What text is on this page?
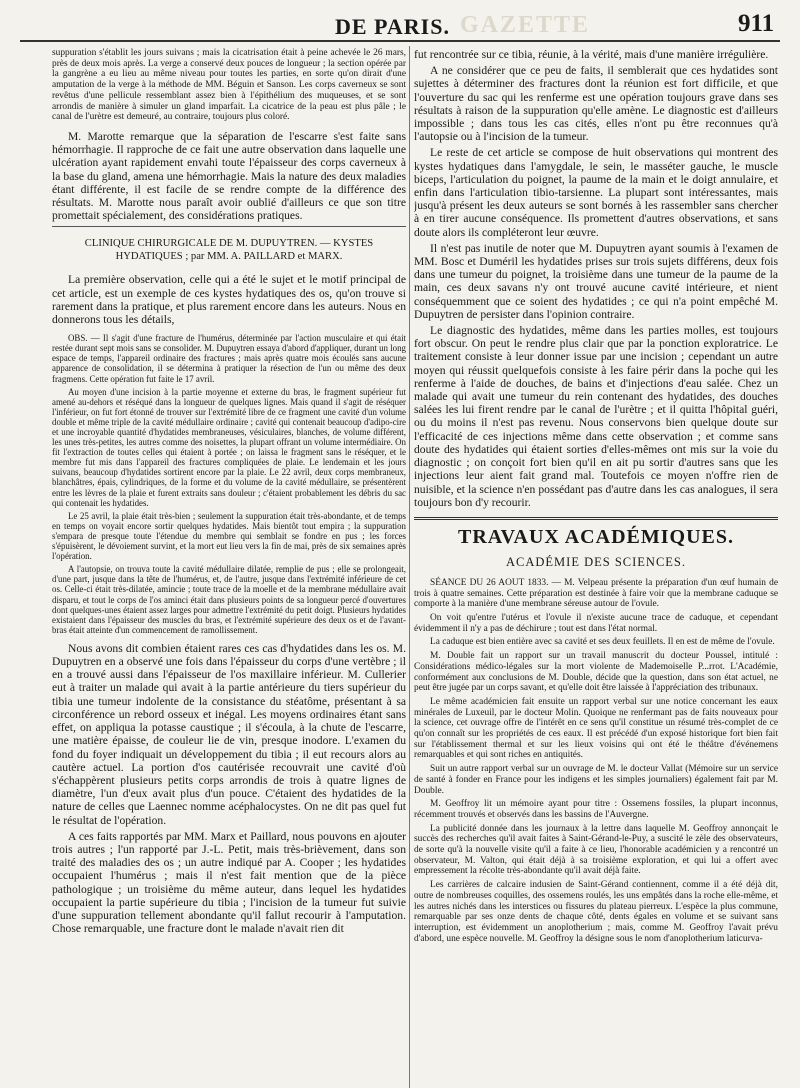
GAZETTE
DE PARIS.	911

suppuration s'établit les jours suivans ; mais la cicatrisation était à peine achevée le 26 mars, près de deux mois après. La verge a conservé deux pouces de longueur ; la section opérée par la gangrène a eu lieu au même niveau pour toutes les parties, en sorte qu'on dirait d'une amputation de la verge à la méthode de MM. Béguin et Sanson. Les corps caverneux se sont revêtus d'une pellicule ressemblant assez bien à l'épithélium des muqueuses, et se sont arrondis de manière à simuler un gland imparfait. La cicatrice de la peau est plus pâle ; le canal de l'urètre est demeuré, au contraire, toujours plus coloré.

M. Marotte remarque que la séparation de l'escarre s'est faite sans hémorrhagie. Il rapproche de ce fait une autre observation dans laquelle une ulcération ayant rapidement envahi toute l'épaisseur des corps caverneux à la base du gland, amena une hémorrhagie. Mais la nature des deux maladies étant différente, il est facile de se rendre compte de la différence des résultats. M. Marotte nous paraît avoir oublié d'ailleurs ce que son titre promettait spécialement, des considérations pratiques.

CLINIQUE CHIRURGICALE DE M. DUPUYTREN. — KYSTES HYDATIQUES ; par MM. A. PAILLARD et MARX.

La première observation, celle qui a été le sujet et le motif principal de cet article, est un exemple de ces kystes hydatiques des os, qu'on trouve si rarement dans la pratique, et plus rarement encore dans les auteurs. Nous en donnerons tous les détails,

OBS. — Il s'agit d'une fracture de l'humérus, déterminée par l'action musculaire et qui était restée durant sept mois sans se consolider. M. Dupuytren essaya d'abord d'appliquer, durant un long espace de temps, l'appareil ordinaire des fractures ; mais après quatre mois écoulés sans aucune apparence de consolidation, il se détermina à pratiquer la résection de l'un ou même des deux fragmens. Cette opération fut faite le 17 avril.

Au moyen d'une incision à la partie moyenne et externe du bras, le fragment supérieur fut amené au-dehors et réséqué dans la longueur de quelques lignes. Mais quand il s'agit de réséquer l'inférieur, on fut fort étonné de trouver sur l'extrémité libre de ce fragment une cavité d'un volume double et même triple de la cavité médullaire ordinaire ; cavité qui contenait beaucoup d'adipo-cire et une incroyable quantité d'hydatides membraneuses, vésiculaires, blanches, de volume différent, les unes très-petites, les autres comme des noisettes, la plupart offrant un volume intermédiaire. On fit l'extraction de toutes celles qui étaient à portée ; on laissa le fragment sans le réséquer, et le membre fut mis dans l'appareil des fractures compliquées de plaie. Le lendemain et les jours suivans, beaucoup d'hydatides sortirent encore par la plaie. Le 22 avril, deux corps membraneux, blanchâtres, épais, cylindriques, de la forme et du volume de la cavité médullaire, se présentèrent entre les lèvres de la plaie et furent extraits sans douleur ; c'étaient probablement les débris du sac qui contenait les hydatides.

Le 25 avril, la plaie était très-bien ; seulement la suppuration était très-abondante, et de temps en temps on voyait encore sortir quelques hydatides. Mais bientôt tout empira ; la suppuration s'empara de presque toute l'étendue du membre qui semblait se fondre en pus ; les forces s'épuisèrent, le dévoiement survint, et la mort eut lieu vers la fin de mai, près de six semaines après l'opération.

A l'autopsie, on trouva toute la cavité médullaire dilatée, remplie de pus ; elle se prolongeait, d'une part, jusque dans la tête de l'humérus, et, de l'autre, jusque dans l'extrémité inférieure de cet os. Celle-ci était très-dilatée, amincie ; toute trace de la moelle et de la membrane médullaire avait disparu, et tout le corps de l'os aminci était dans plusieurs points de sa longueur percé d'ouvertures dont quelques-unes étaient assez larges pour admettre l'extrémité du petit doigt. Plusieurs hydatides existaient dans l'épaisseur des muscles du bras, et l'extrémité supérieure des deux os et de l'avant-bras était atteinte d'un commencement de ramollissement.

Nous avons dit combien étaient rares ces cas d'hydatides dans les os. M. Dupuytren en a observé une fois dans l'épaisseur du corps d'une vertèbre ; il en a trouvé aussi dans l'épaisseur de l'os maxillaire inférieur. M. Cullerier eut à traiter un malade qui avait à la partie antérieure du tiers supérieur du tibia une tumeur indolente de la consistance du stéatôme, présentant à sa circonférence un rebord osseux et inégal. Les moyens ordinaires étant sans effet, on appliqua la potasse caustique ; il s'écoula, à la chute de l'escarre, une matière épaisse, de couleur lie de vin, presque inodore. L'examen du fond du foyer indiquait un développement du tibia ; il eut recours alors au cautère actuel. La portion d'os cautérisée recouvrait une cavité d'où s'échappèrent plusieurs petits corps arrondis de trois à quatre lignes de diamètre, l'un d'eux avait plus d'un pouce. C'étaient des hydatides de la nature de celles que Laennec nomme acéphalocystes. On ne dit pas quel fut le résultat de l'opération.

A ces faits rapportés par MM. Marx et Paillard, nous pouvons en ajouter trois autres ; l'un rapporté par J.-L. Petit, mais très-brièvement, dans son traité des maladies des os ; un autre indiqué par A. Cooper ; les hydatides occupaient l'humérus ; mais il n'est fait mention que de la pièce pathologique ; un troisième du même auteur, dans lequel les hydatides occupaient la partie supérieure du tibia ; l'incision de la tumeur fut suivie d'une suppuration tellement abondante qu'il fallut recourir à l'amputation. Chose remarquable, une fracture dont le malade n'avait rien dit

fut rencontrée sur ce tibia, réunie, à la vérité, mais d'une manière irrégulière.

A ne considérer que ce peu de faits, il semblerait que ces hydatides sont sujettes à déterminer des fractures dont la réunion est fort difficile, et que l'ouverture du sac qui les renferme est une opération toujours grave dans ses résultats à raison de la suppuration qu'elle amène. Le diagnostic est d'ailleurs impossible ; dans tous les cas cités, elles n'ont pu être reconnues qu'à l'autopsie ou à l'incision de la tumeur.

Le reste de cet article se compose de huit observations qui montrent des kystes hydatiques dans l'amygdale, le sein, le masséter gauche, le muscle biceps, l'articulation du poignet, la paume de la main et le doigt annulaire, et enfin dans l'articulation tibio-tarsienne. La plupart sont intéressantes, mais jusqu'à présent les deux auteurs se sont bornés à les rassembler sans chercher à en tirer aucune conséquence. Ils promettent d'autres observations, et sans doute alors ils compléteront leur œuvre.

Il n'est pas inutile de noter que M. Dupuytren ayant soumis à l'examen de MM. Bosc et Duméril les hydatides prises sur trois sujets différens, deux fois dans une tumeur du poignet, la troisième dans une tumeur de la paume de la main, ces deux savans n'y ont trouvé aucune cavité intérieure, et nient conséquemment que ce soient des hydatides ; ce qui n'a point empêché M. Dupuytren de persister dans l'opinion contraire.

Le diagnostic des hydatides, même dans les parties molles, est toujours fort obscur. On peut le rendre plus clair que par la ponction exploratrice. Le traitement consiste à leur donner issue par une incision ; cependant un autre moyen qui réussit quelquefois consiste à les faire périr dans la poche qui les renferme à l'aide de douches, de bains et d'injections d'eau salée. Chez un malade qui avait une tumeur du rein contenant des hydatides, des douches salées les lui firent rendre par le canal de l'urètre ; et il quitta l'hôpital guéri, ou du moins il n'est pas revenu. Nous conservons bien quelque doute sur l'efficacité de ces injections même dans cette observation ; et comme sans doute des hydatides qui étaient sorties d'elles-mêmes ont mis sur la voie du diagnostic ; on conçoit fort bien qu'il en ait pu sortir d'autres sans que les injections leur aient fait grand mal. Toutefois ce moyen n'offre rien de nuisible, et la science n'en possédant pas d'autre dans les cas analogues, il sera toujours bon d'y recourir.

TRAVAUX ACADÉMIQUES.
ACADÉMIE DES SCIENCES.

SÉANCE DU 26 AOUT 1833. — M. Velpeau présente la préparation d'un œuf humain de trois à quatre semaines. Cette préparation est destinée à faire voir que la membrane caduque se comporte à la manière d'une membrane séreuse autour de l'ovule.

On voit qu'entre l'utérus et l'ovule il n'existe aucune trace de caduque, et cependant évidemment il n'y a pas de déchirure ; tout est dans l'état normal.

La caduque est bien entière avec sa cavité et ses deux feuillets. Il en est de même de l'ovule.

M. Double fait un rapport sur un travail manuscrit du docteur Poussel, intitulé : Considérations médico-légales sur la mort violente de Mademoiselle P...rrot. L'Académie, conformément aux conclusions de M. Double, décide que la question, dans son état actuel, ne peut être jugée par un corps savant, et qu'elle doit être laissée à l'appréciation des tribunaux.

Le même académicien fait ensuite un rapport verbal sur une notice concernant les eaux minérales de Luxeuil, par le docteur Molin. Quoique ne renfermant pas de faits nouveaux pour la science, cet ouvrage offre de l'intérêt en ce sens qu'il constitue un résumé très-complet de ce qu'on connaît sur les propriétés de ces eaux. Il est précédé d'un exposé historique fort bien fait sur l'établissement thermal et sur les lieux voisins qui ont été le théâtre d'événemens remarquables et qui sont riches en antiquités.

Suit un autre rapport verbal sur un ouvrage de M. le docteur Vallat (Mémoire sur un service de santé à fonder en France pour les indigens et les simples journaliers) également fait par M. Double.

M. Geoffroy lit un mémoire ayant pour titre : Ossemens fossiles, la plupart inconnus, récemment trouvés et observés dans les bassins de l'Auvergne.

La publicité donnée dans les journaux à la lettre dans laquelle M. Geoffroy annonçait le succès des recherches qu'il avait faites à Saint-Gérand-le-Puy, a suscité le zèle des observateurs, de sorte qu'à la nouvelle visite qu'il a faite à ce lieu, l'honorable académicien y a rencontré un observateur, M. Valton, qui était déjà à sa troisième exploration, et qui lui a offert avec empressement la récolte très-abondante qu'il avait déjà faite.

Les carrières de calcaire indusien de Saint-Gérand contiennent, comme il a été déjà dit, outre de nombreuses coquilles, des ossemens roulés, les uns empâtés dans la roche elle-même, et les autres nichés dans les interstices ou fissures du plateau pierreux. L'espèce la plus commune, remarquable par ses onze dents de chaque côté, dents égales en volume et se suivant sans interruption, est évidemment un anoplotherium ; mais, comme M. Geoffroy l'avait prévu d'abord, une espèce nouvelle. M. Geoffroy la désigne sous le nom d'anoplotherium laticurva-
